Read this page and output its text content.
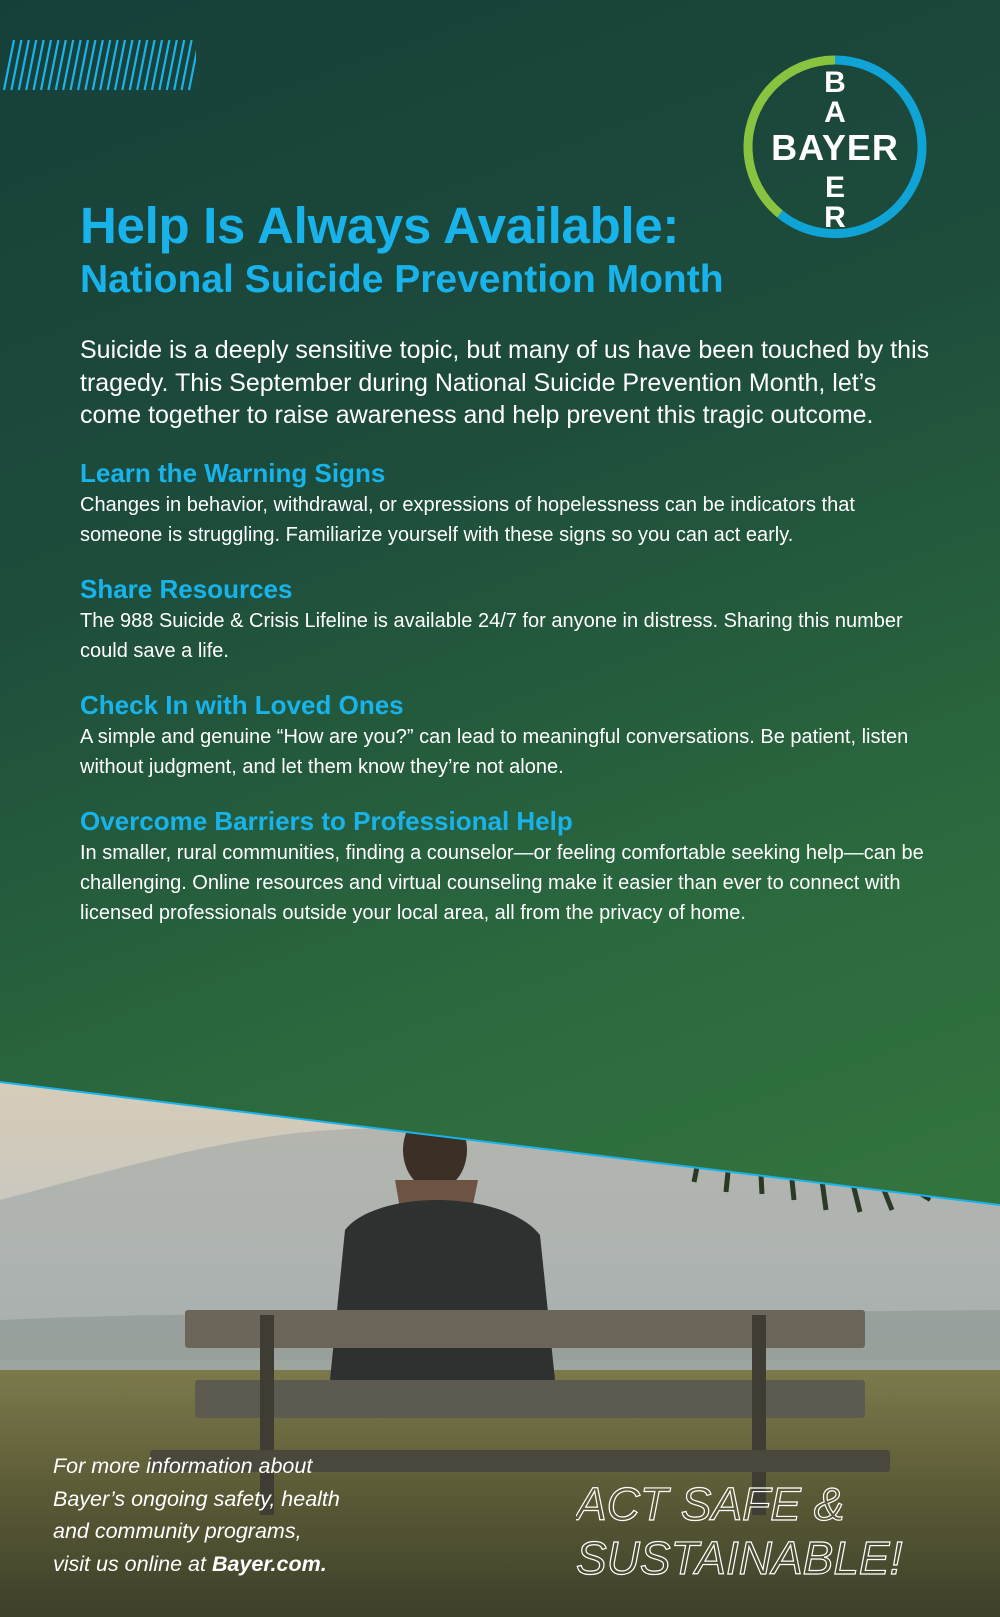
BAYER
B A
E R
Help Is Always Available:
National Suicide Prevention Month

Suicide is a deeply sensitive topic, but many of us have been touched by this tragedy. This September during National Suicide Prevention Month, let’s come together to raise awareness and help prevent this tragic outcome.

Learn the Warning Signs

Changes in behavior, withdrawal, or expressions of hopelessness can be indicators that someone is struggling. Familiarize yourself with these signs so you can act early.

Share Resources

The 988 Suicide & Crisis Lifeline is available 24/7 for anyone in distress. Sharing this number could save a life.

Check In with Loved Ones

A simple and genuine “How are you?” can lead to meaningful conversations. Be patient, listen without judgment, and let them know they’re not alone.

Overcome Barriers to Professional Help

In smaller, rural communities, finding a counselor—or feeling comfortable seeking help—can be challenging. Online resources and virtual counseling make it easier than ever to connect with licensed professionals outside your local area, all from the privacy of home.

For more information about
Bayer’s ongoing safety, health
and community programs,
visit us online at Bayer.com.
ACT SAFE &
SUSTAINABLE!
